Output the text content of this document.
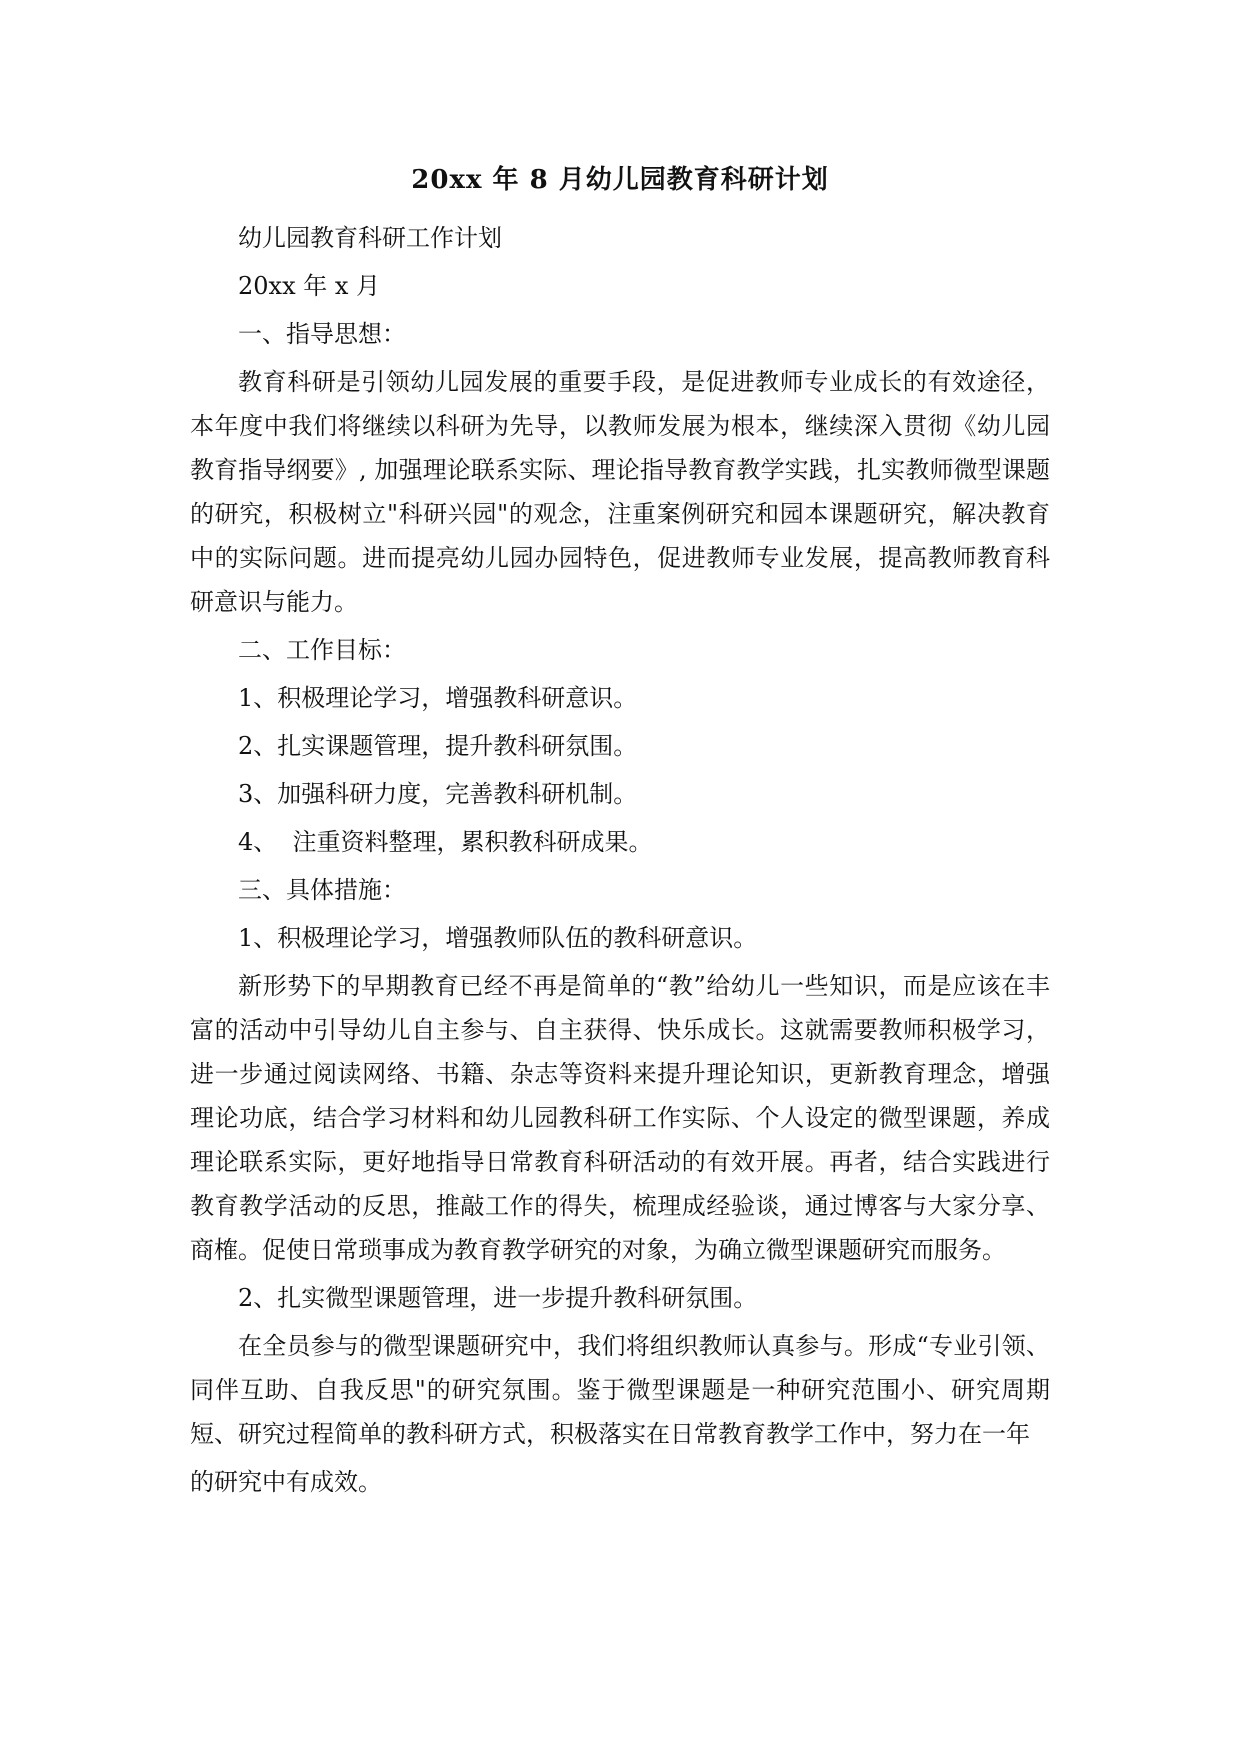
20xx 年 8 月幼儿园教育科研计划
幼儿园教育科研工作计划
20xx 年 x 月
一、指导思想：
教育科研是引领幼儿园发展的重要手段，是促进教师专业成长的有效途径，本年度中我们将继续以科研为先导，以教师发展为根本，继续深入贯彻《幼儿园教育指导纲要》, 加强理论联系实际、理论指导教育教学实践，扎实教师微型课题的研究，积极树立"科研兴园"的观念，注重案例研究和园本课题研究，解决教育中的实际问题。进而提亮幼儿园办园特色，促进教师专业发展，提高教师教育科研意识与能力。
二、工作目标：
1、积极理论学习，增强教科研意识。
2、扎实课题管理，提升教科研氛围。
3、加强科研力度，完善教科研机制。
4、  注重资料整理，累积教科研成果。
三、具体措施：
1、积极理论学习，增强教师队伍的教科研意识。
新形势下的早期教育已经不再是简单的“教”给幼儿一些知识，而是应该在丰富的活动中引导幼儿自主参与、自主获得、快乐成长。这就需要教师积极学习，进一步通过阅读网络、书籍、杂志等资料来提升理论知识，更新教育理念，增强理论功底，结合学习材料和幼儿园教科研工作实际、个人设定的微型课题，养成理论联系实际，更好地指导日常教育科研活动的有效开展。再者，结合实践进行教育教学活动的反思，推敲工作的得失，梳理成经验谈，通过博客与大家分享、商榷。促使日常琐事成为教育教学研究的对象，为确立微型课题研究而服务。
2、扎实微型课题管理，进一步提升教科研氛围。
在全员参与的微型课题研究中，我们将组织教师认真参与。形成“专业引领、同伴互助、自我反思"的研究氛围。鉴于微型课题是一种研究范围小、研究周期 短、研究过程简单的教科研方式，积极落实在日常教育教学工作中，努力在一年
的研究中有成效。
